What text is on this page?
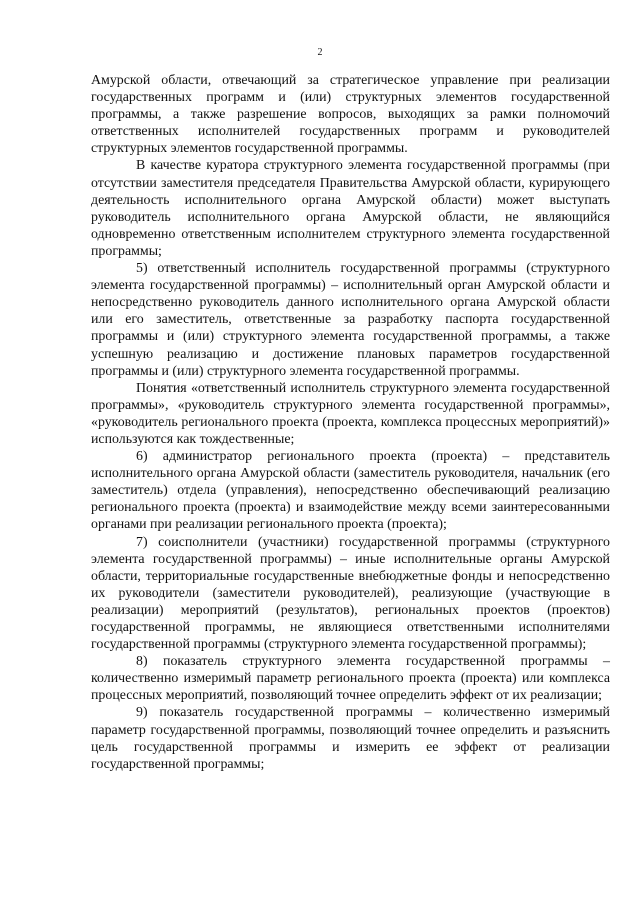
2

Амурской области, отвечающий за стратегическое управление при реализации государственных программ и (или) структурных элементов государственной программы, а также разрешение вопросов, выходящих за рамки полномочий ответственных исполнителей государственных программ и руководителей структурных элементов государственной программы.

В качестве куратора структурного элемента государственной программы (при отсутствии заместителя председателя Правительства Амурской области, курирующего деятельность исполнительного органа Амурской области) может выступать руководитель исполнительного органа Амурской области, не являющийся одновременно ответственным исполнителем структурного элемента государственной программы;

5) ответственный исполнитель государственной программы (структурного элемента государственной программы) – исполнительный орган Амурской области и непосредственно руководитель данного исполнительного органа Амурской области или его заместитель, ответственные за разработку паспорта государственной программы и (или) структурного элемента государственной программы, а также успешную реализацию и достижение плановых параметров государственной программы и (или) структурного элемента государственной программы.

Понятия «ответственный исполнитель структурного элемента государственной программы», «руководитель структурного элемента государственной программы», «руководитель регионального проекта (проекта, комплекса процессных мероприятий)» используются как тождественные;

6) администратор регионального проекта (проекта) – представитель исполнительного органа Амурской области (заместитель руководителя, начальник (его заместитель) отдела (управления), непосредственно обеспечивающий реализацию регионального проекта (проекта) и взаимодействие между всеми заинтересованными органами при реализации регионального проекта (проекта);

7) соисполнители (участники) государственной программы (структурного элемента государственной программы) – иные исполнительные органы Амурской области, территориальные государственные внебюджетные фонды и непосредственно их руководители (заместители руководителей), реализующие (участвующие в реализации) мероприятий (результатов), региональных проектов (проектов) государственной программы, не являющиеся ответственными исполнителями государственной программы (структурного элемента государственной программы);

8) показатель структурного элемента государственной программы – количественно измеримый параметр регионального проекта (проекта) или комплекса процессных мероприятий, позволяющий точнее определить эффект от их реализации;

9) показатель государственной программы – количественно измеримый параметр государственной программы, позволяющий точнее определить и разъяснить цель государственной программы и измерить ее эффект от реализации государственной программы;
